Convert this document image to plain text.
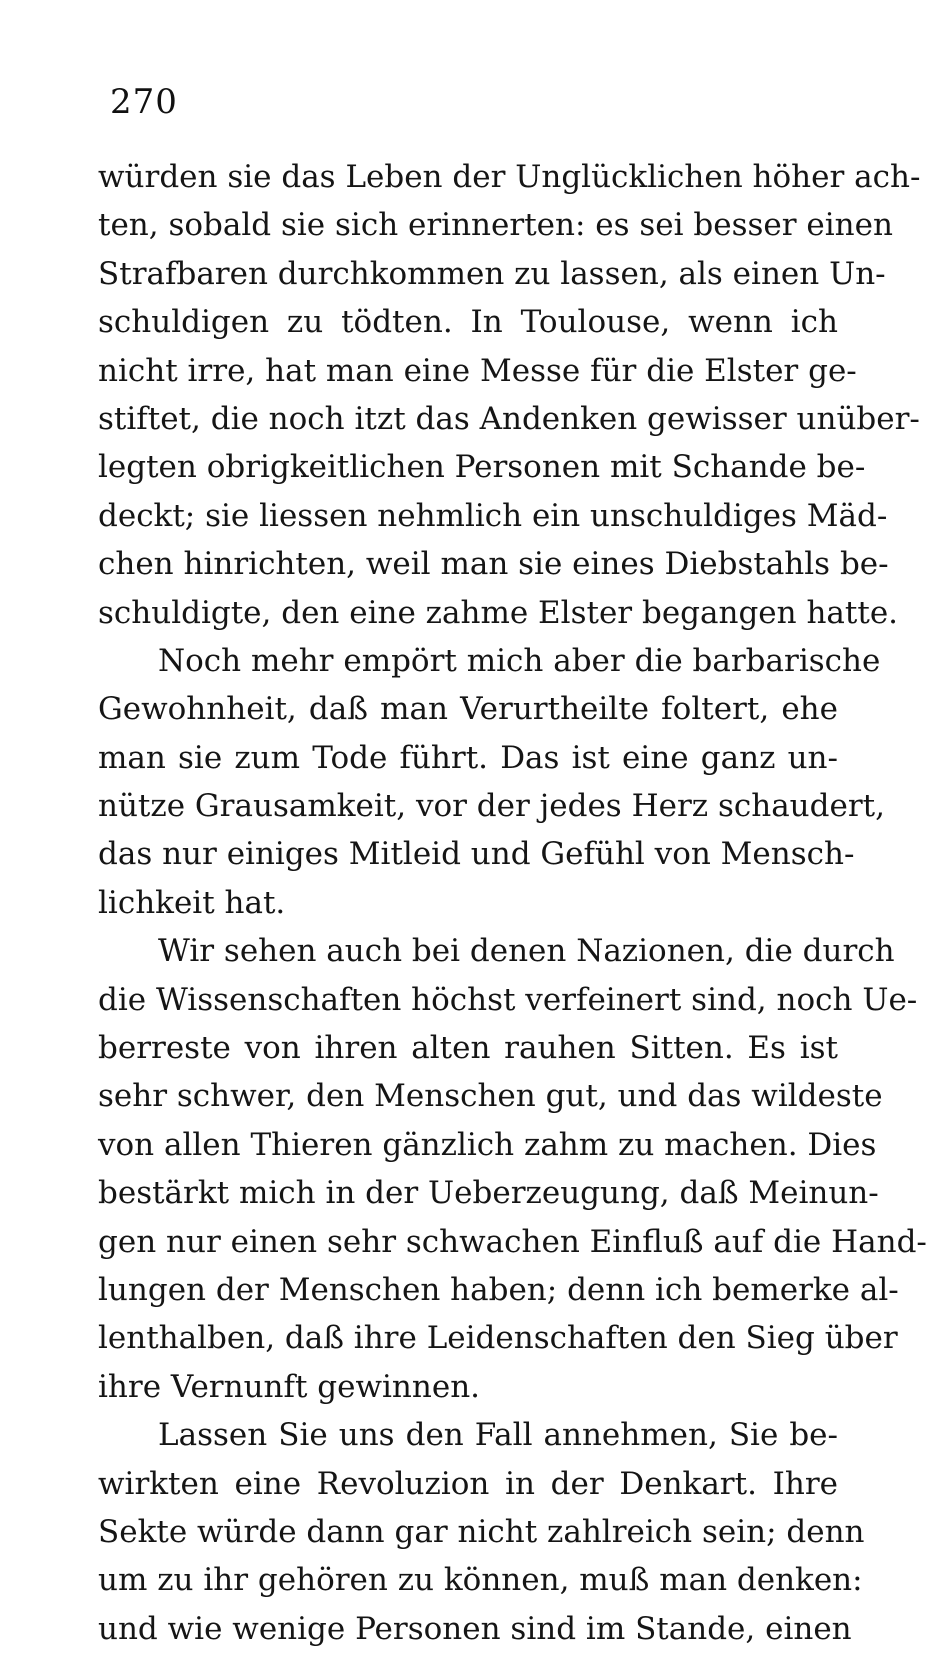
270
würden sie das Leben der Unglücklichen höher ach-
ten, sobald sie sich erinnerten: es sei besser einen
Strafbaren durchkommen zu lassen, als einen Un-
schuldigen zu tödten. In Toulouse, wenn ich
nicht irre, hat man eine Messe für die Elster ge-
stiftet, die noch itzt das Andenken gewisser unüber-
legten obrigkeitlichen Personen mit Schande be-
deckt; sie liessen nehmlich ein unschuldiges Mäd-
chen hinrichten, weil man sie eines Diebstahls be-
schuldigte, den eine zahme Elster begangen hatte.
Noch mehr empört mich aber die barbarische
Gewohnheit, daß man Verurtheilte foltert, ehe
man sie zum Tode führt. Das ist eine ganz un-
nütze Grausamkeit, vor der jedes Herz schaudert,
das nur einiges Mitleid und Gefühl von Mensch-
lichkeit hat.
Wir sehen auch bei denen Nazionen, die durch
die Wissenschaften höchst verfeinert sind, noch Ue-
berreste von ihren alten rauhen Sitten. Es ist
sehr schwer, den Menschen gut, und das wildeste
von allen Thieren gänzlich zahm zu machen. Dies
bestärkt mich in der Ueberzeugung, daß Meinun-
gen nur einen sehr schwachen Einfluß auf die Hand-
lungen der Menschen haben; denn ich bemerke al-
lenthalben, daß ihre Leidenschaften den Sieg über
ihre Vernunft gewinnen.
Lassen Sie uns den Fall annehmen, Sie be-
wirkten eine Revoluzion in der Denkart. Ihre
Sekte würde dann gar nicht zahlreich sein; denn
um zu ihr gehören zu können, muß man denken:
und wie wenige Personen sind im Stande, einen
